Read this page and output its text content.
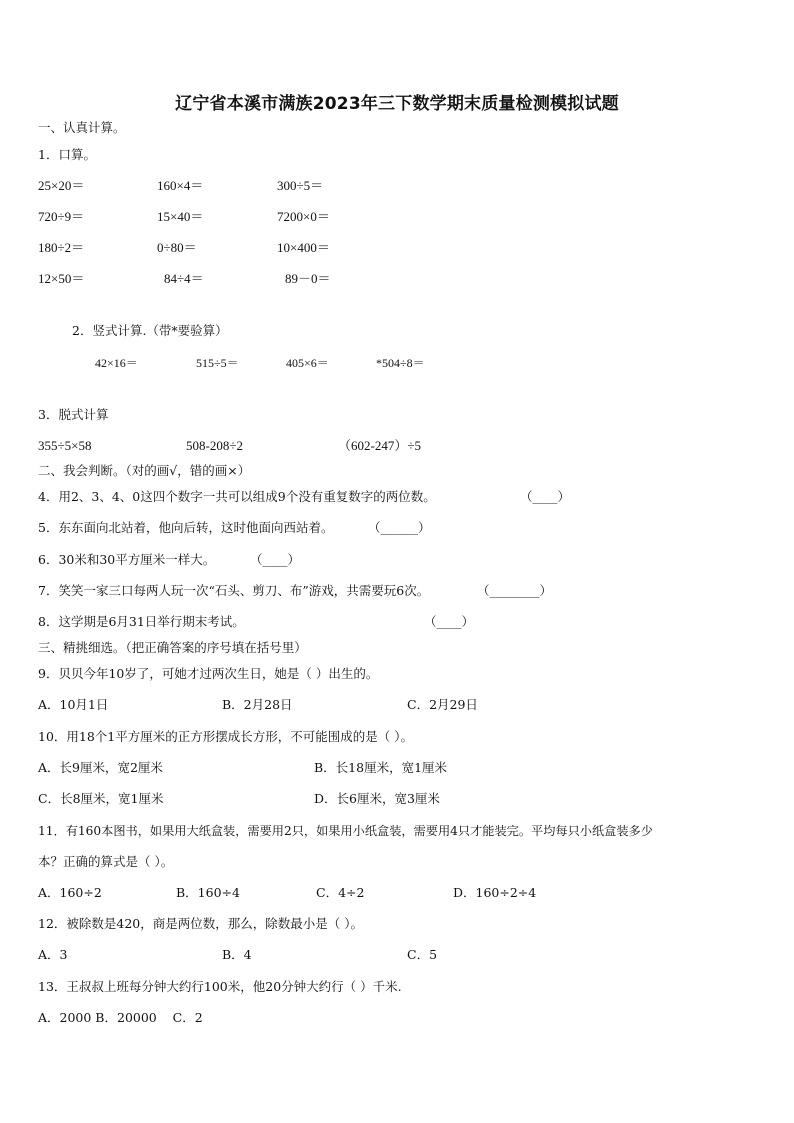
辽宁省本溪市满族2023年三下数学期末质量检测模拟试题
一、认真计算。
1．口算。
25×20＝	160×4＝	300÷5＝
720÷9＝	15×40＝	7200×0＝
180÷2＝	0÷80＝	10×400＝
12×50＝	84÷4＝	89－0＝
2．竖式计算.（带*要验算）
42×16＝	515÷5＝	405×6＝	*504÷8＝
3．脱式计算
355÷5×58	508-208÷2	（602-247）÷5
二、我会判断。（对的画√，错的画×）
4．用2、3、4、0这四个数字一共可以组成9个没有重复数字的两位数。	（____）
5．东东面向北站着，他向后转，这时他面向西站着。	（______）
6．30米和30平方厘米一样大。	（____）
7．笑笑一家三口每两人玩一次“石头、剪刀、布”游戏，共需要玩6次。	（________）
8．这学期是6月31日举行期末考试。	（____）
三、精挑细选。（把正确答案的序号填在括号里）
9．贝贝今年10岁了，可她才过两次生日，她是（ ）出生的。
A．10月1日	B．2月28日	C．2月29日
10．用18个1平方厘米的正方形摆成长方形，不可能围成的是（ ）。
A．长9厘米，宽2厘米	B．长18厘米，宽1厘米
C．长8厘米，宽1厘米	D．长6厘米，宽3厘米
11．有160本图书，如果用大纸盒装，需要用2只，如果用小纸盒装，需要用4只才能装完。平均每只小纸盒装多少
本？正确的算式是（ ）。
A．160÷2	B．160÷4	C．4÷2	D．160÷2÷4
12．被除数是420，商是两位数，那么，除数最小是（ ）。
A．3	B．4	C．5
13．王叔叔上班每分钟大约行100米，他20分钟大约行（ ）千米.
A．2000 B．20000    C．2
